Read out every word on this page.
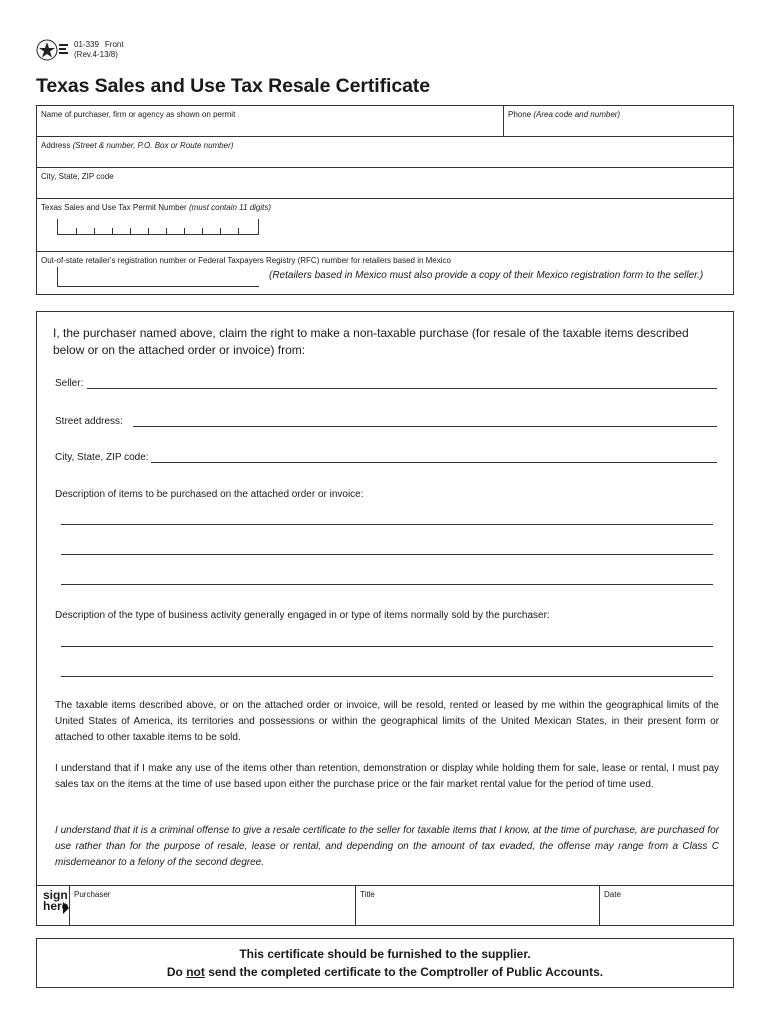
01-339 Front
(Rev.4-13/8)
Texas Sales and Use Tax Resale Certificate
Name of purchaser, firm or agency as shown on permit	Phone (Area code and number)
Address (Street & number, P.O. Box or Route number)
City, State, ZIP code
Texas Sales and Use Tax Permit Number (must contain 11 digits)
Out-of-state retailer's registration number or Federal Taxpayers Registry (RFC) number for retailers based in Mexico
(Retailers based in Mexico must also provide a copy of their Mexico registration form to the seller.)
I, the purchaser named above, claim the right to make a non-taxable purchase (for resale of the taxable items described below or on the attached order or invoice) from:
Seller:
Street address:
City, State, ZIP code:
Description of items to be purchased on the attached order or invoice:
Description of the type of business activity generally engaged in or type of items normally sold by the purchaser:
The taxable items described above, or on the attached order or invoice, will be resold, rented or leased by me within the geographical limits of the United States of America, its territories and possessions or within the geographical limits of the United Mexican States, in their present form or attached to other taxable items to be sold.
I understand that if I make any use of the items other than retention, demonstration or display while holding them for sale, lease or rental, I must pay sales tax on the items at the time of use based upon either the purchase price or the fair market rental value for the period of time used.
I understand that it is a criminal offense to give a resale certificate to the seller for taxable items that I know, at the time of purchase, are purchased for use rather than for the purpose of resale, lease or rental, and depending on the amount of tax evaded, the offense may range from a Class C misdemeanor to a felony of the second degree.
sign
here
Purchaser	Title	Date
This certificate should be furnished to the supplier.
Do not send the completed certificate to the Comptroller of Public Accounts.
